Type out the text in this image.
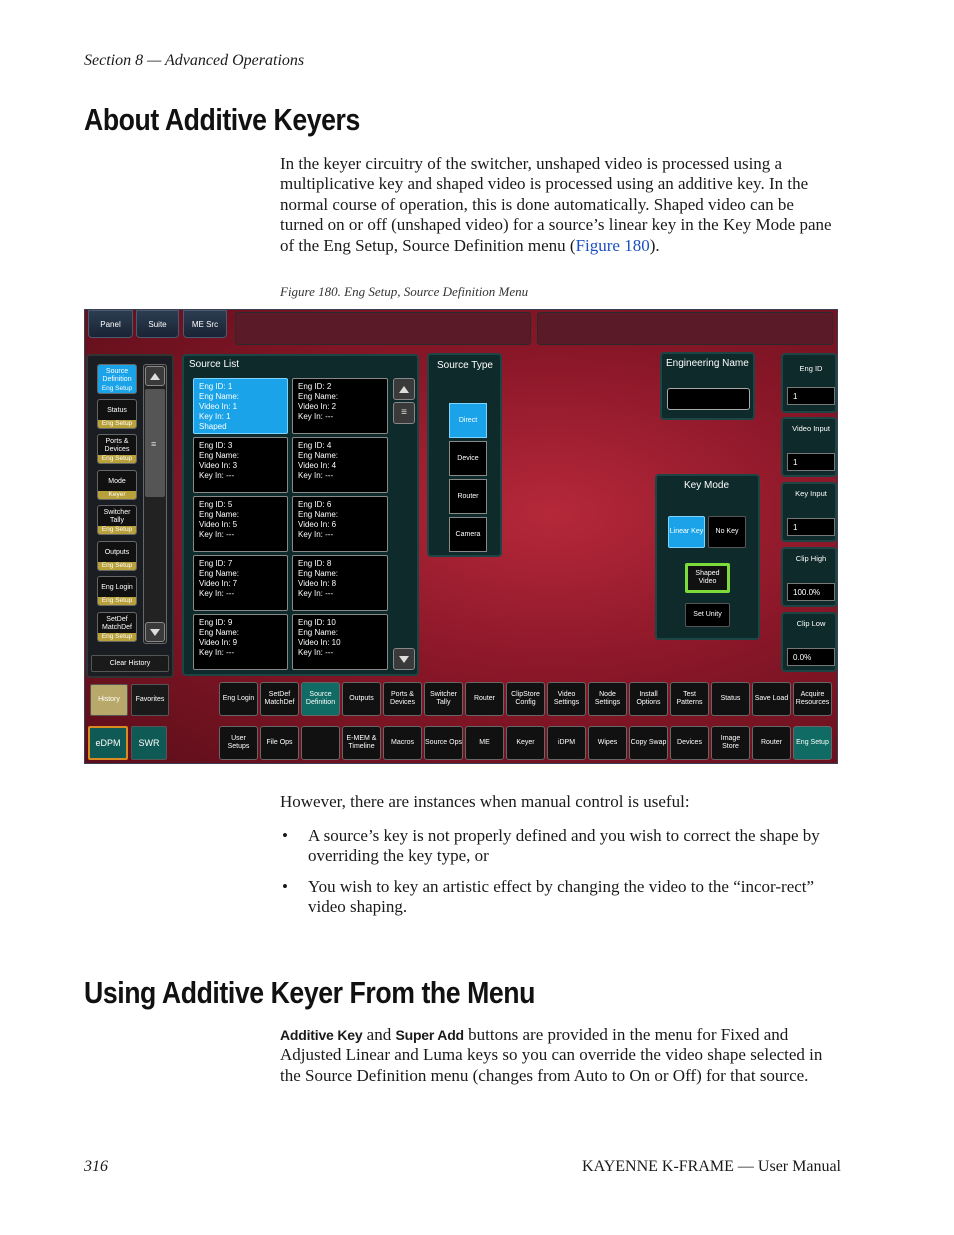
Section 8 — Advanced Operations
About Additive Keyers
In the keyer circuitry of the switcher, unshaped video is processed using a multiplicative key and shaped video is processed using an additive key. In the normal course of operation, this is done automatically. Shaped video can be turned on or off (unshaped video) for a source’s linear key in the Key Mode pane of the Eng Setup, Source Definition menu (Figure 180).
Figure 180. Eng Setup, Source Definition Menu
Panel	Suite	ME Src
Source Definition
Eng Setup
Status
Eng Setup
Ports & Devices
Eng Setup
Mode
Keyer
Switcher Tally
Eng Setup
Outputs
Eng Setup
Eng Login
Eng Setup
SetDef MatchDef
Eng Setup
≡
Clear History
History	Favorites
eDPM	SWR
Source List
Eng ID: 1
Eng Name:
Video In: 1
Key In: 1
Shaped
Eng ID: 2
Eng Name:
Video In: 2
Key In: ---
Eng ID: 3
Eng Name:
Video In: 3
Key In: ---
Eng ID: 4
Eng Name:
Video In: 4
Key In: ---
Eng ID: 5
Eng Name:
Video In: 5
Key In: ---
Eng ID: 6
Eng Name:
Video In: 6
Key In: ---
Eng ID: 7
Eng Name:
Video In: 7
Key In: ---
Eng ID: 8
Eng Name:
Video In: 8
Key In: ---
Eng ID: 9
Eng Name:
Video In: 9
Key In: ---
Eng ID: 10
Eng Name:
Video In: 10
Key In: ---
≡
Source Type
Direct
Device
Router
Camera
Engineering Name
Key Mode
Linear Key	No Key
Shaped Video
Set Unity
Eng ID
1
Video Input
1
Key Input
1
Clip High
100.0%
Clip Low
0.0%
Eng Login
SetDef MatchDef
Source Definition
Outputs
Ports & Devices
Switcher Tally
Router
ClipStore Config
Video Settings
Node Settings
Install Options
Test Patterns
Status	Save Load
Acquire Resources
User Setups
File Ops
E-MEM & Timeline
Macros	Source Ops	ME	Keyer	iDPM	Wipes	Copy Swap	Devices
Image Store
Router	Eng Setup
However, there are instances when manual control is useful:
• A source’s key is not properly defined and you wish to correct the shape by overriding the key type, or
• You wish to key an artistic effect by changing the video to the “incor-rect” video shaping.
Using Additive Keyer From the Menu
Additive Key and Super Add buttons are provided in the menu for Fixed and Adjusted Linear and Luma keys so you can override the video shape selected in the Source Definition menu (changes from Auto to On or Off) for that source.
316	KAYENNE K-FRAME — User Manual
